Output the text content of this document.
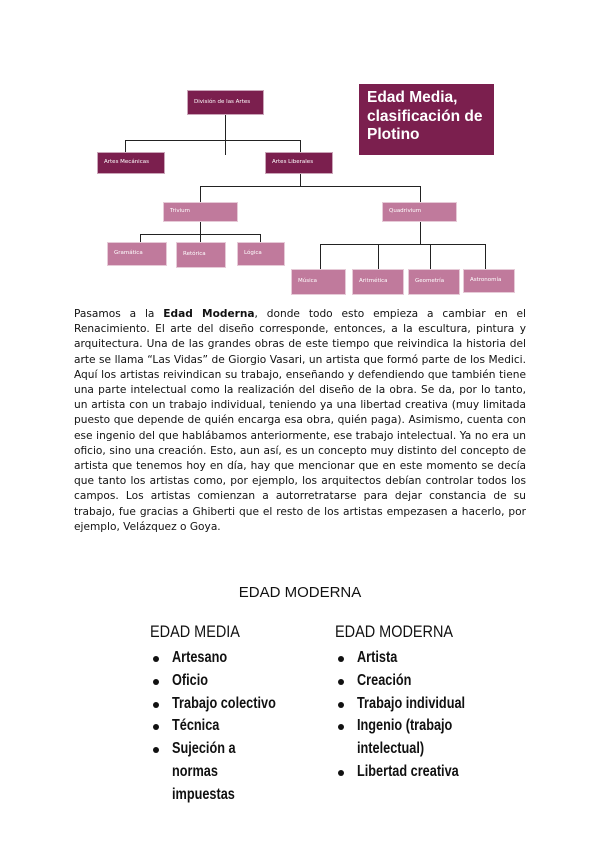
División de las Artes
Artes Mecánicas	Artes Liberales
Trivium	Quadrivium
Gramática	Retórica	Lógica
Música	Aritmética	Geometría	Astronomía
Edad Media, clasificación de Plotino

Pasamos a la Edad Moderna, donde todo esto empieza a cambiar en el Renacimiento. El arte del diseño corresponde, entonces, a la escultura, pintura y arquitectura. Una de las grandes obras de este tiempo que reivindica la historia del arte se llama “Las Vidas” de Giorgio Vasari, un artista que formó parte de los Medici. Aquí los artistas reivindican su trabajo, enseñando y defendiendo que también tiene una parte intelectual como la realización del diseño de la obra. Se da, por lo tanto, un artista con un trabajo individual, teniendo ya una libertad creativa (muy limitada puesto que depende de quién encarga esa obra, quién paga). Asimismo, cuenta con ese ingenio del que hablábamos anteriormente, ese trabajo intelectual. Ya no era un oficio, sino una creación. Esto, aun así, es un concepto muy distinto del concepto de artista que tenemos hoy en día, hay que mencionar que en este momento se decía que tanto los artistas como, por ejemplo, los arquitectos debían controlar todos los campos. Los artistas comienzan a autorretratarse para dejar constancia de su trabajo, fue gracias a Ghiberti que el resto de los artistas empezasen a hacerlo, por ejemplo, Velázquez o Goya.

EDAD MODERNA
EDAD MEDIA
Artesano
Oficio
Trabajo colectivo
Técnica
Sujeción a
normas
impuestas
EDAD MODERNA
Artista
Creación
Trabajo individual
Ingenio (trabajo
intelectual)
Libertad creativa
